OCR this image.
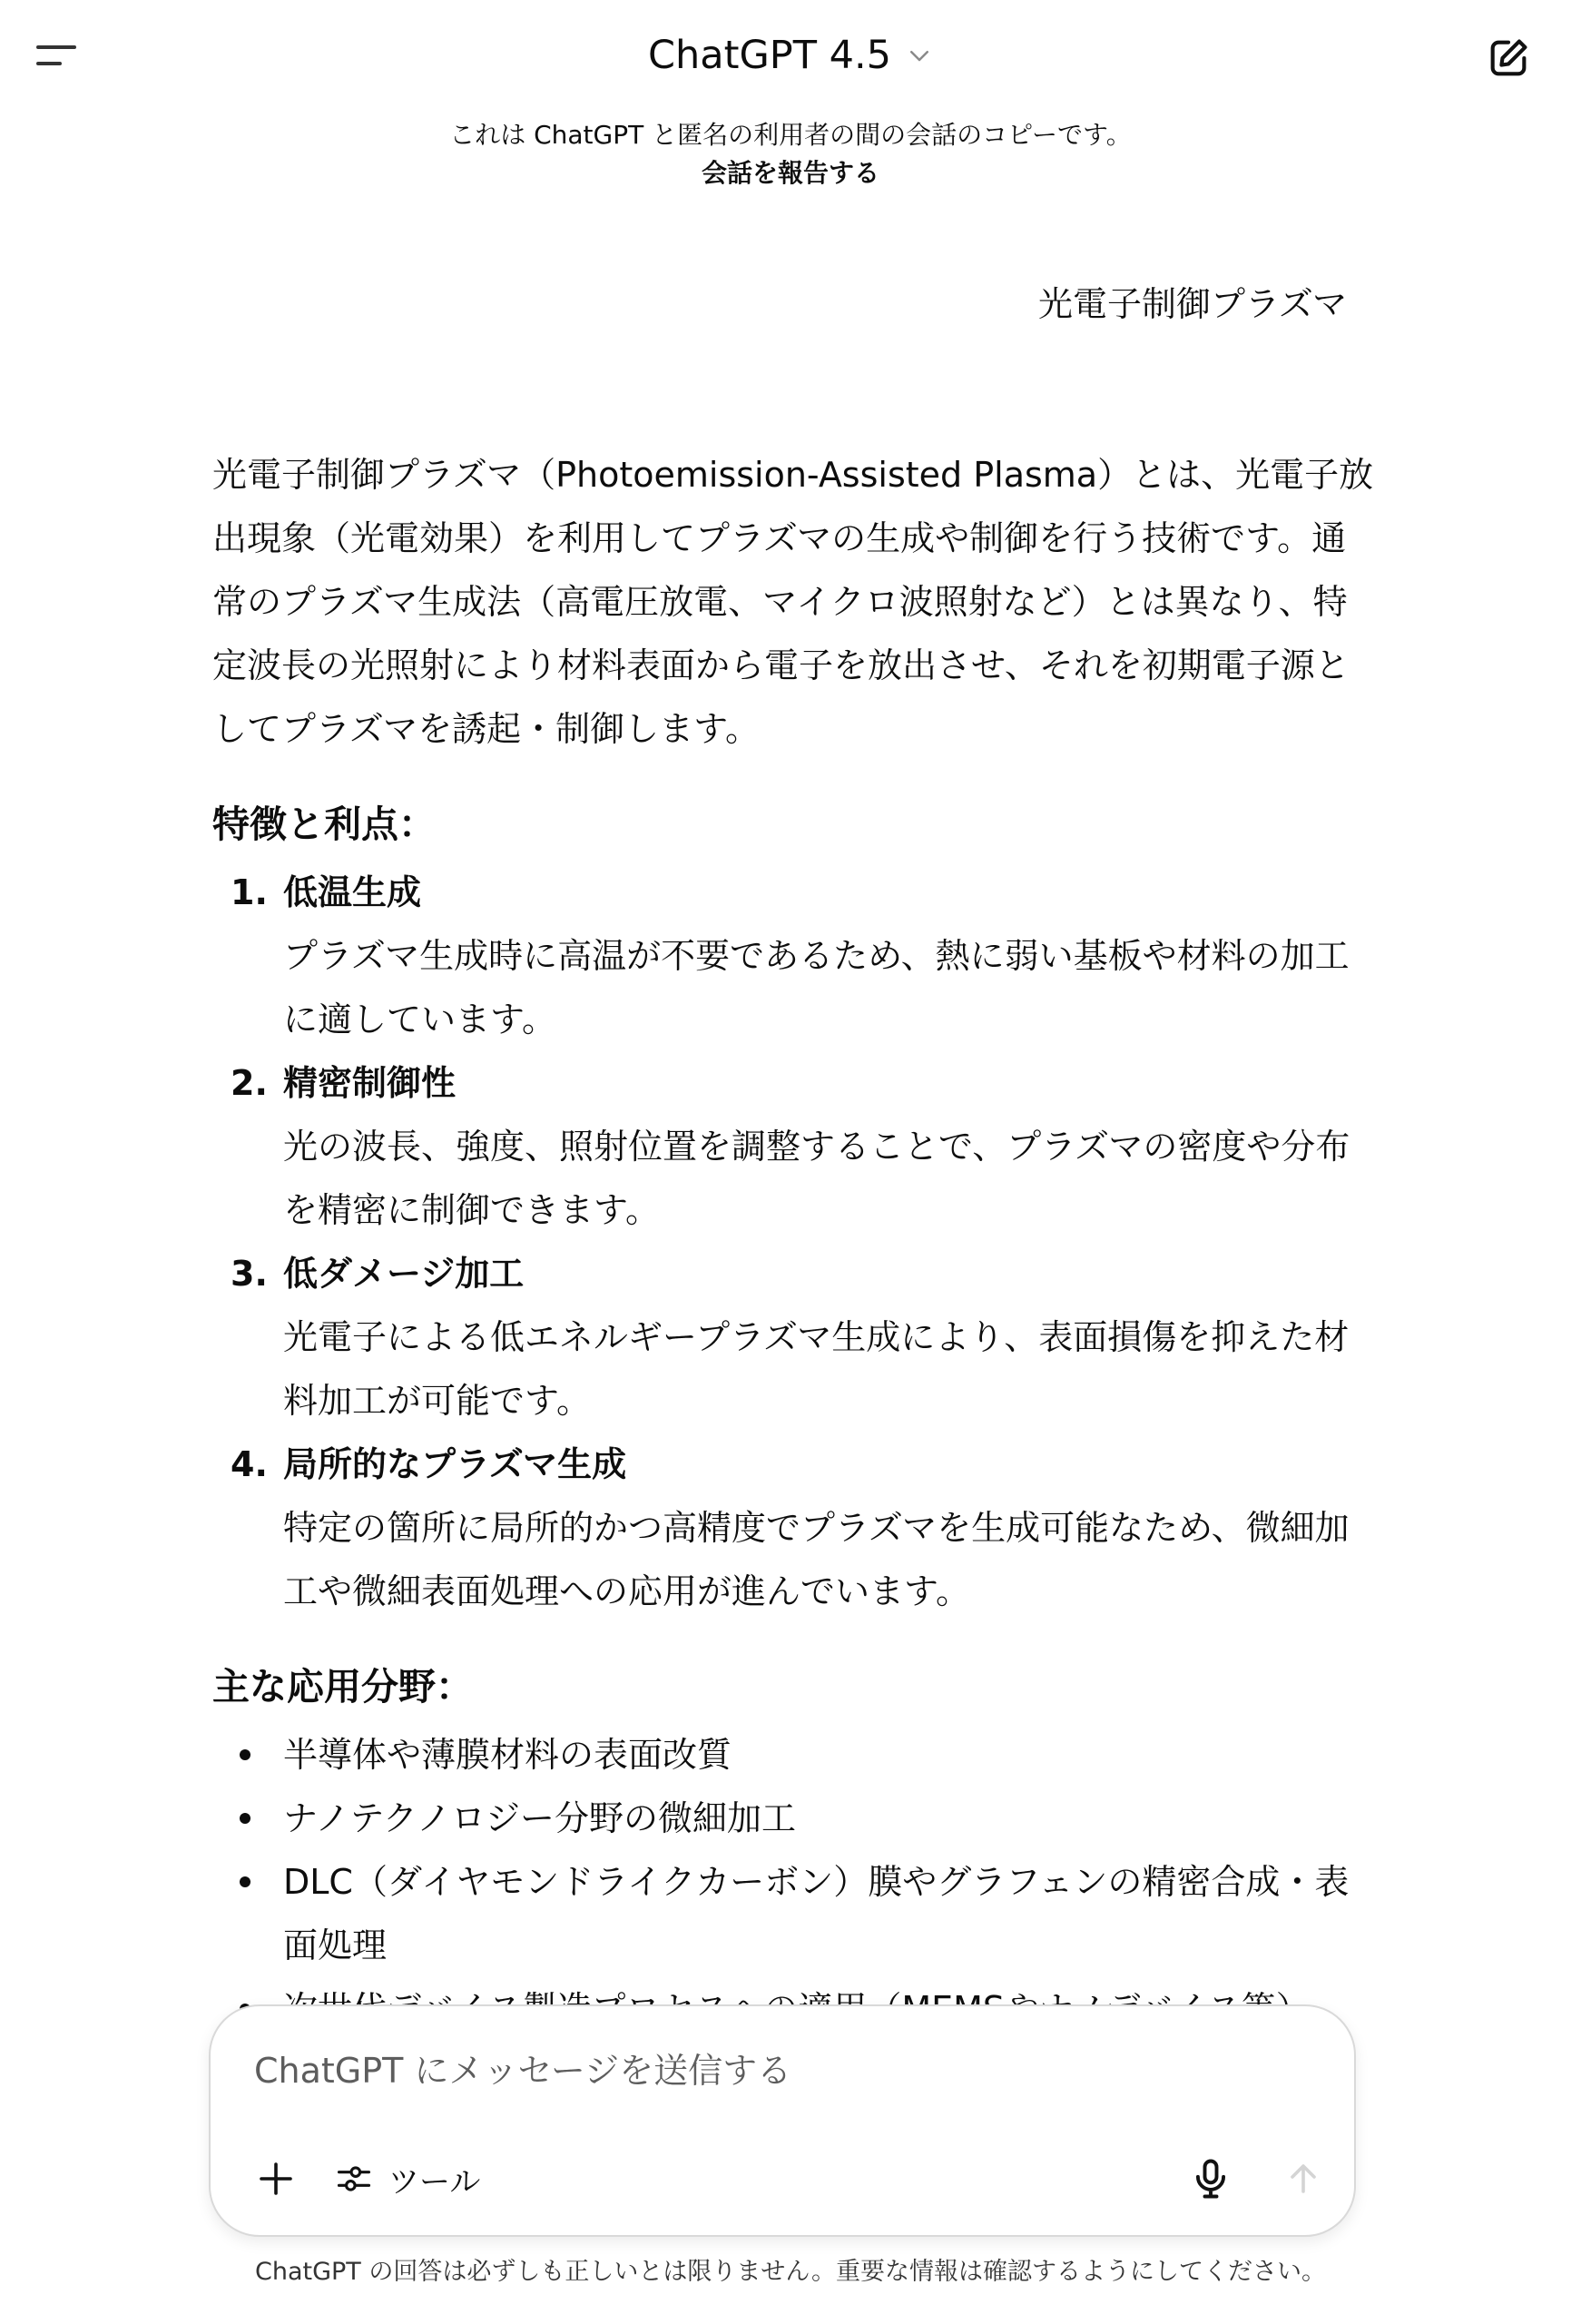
ChatGPT 4.5
これは ChatGPT と匿名の利用者の間の会話のコピーです。
会話を報告する
光電子制御プラズマ

光電子制御プラズマ（Photoemission-Assisted Plasma）とは、光電子放出現象（光電効果）を利用してプラズマの生成や制御を行う技術です。通常のプラズマ生成法（高電圧放電、マイクロ波照射など）とは異なり、特定波長の光照射により材料表面から電子を放出させ、それを初期電子源としてプラズマを誘起・制御します。

特徴と利点：
1. 低温生成
プラズマ生成時に高温が不要であるため、熱に弱い基板や材料の加工に適しています。
2. 精密制御性
光の波長、強度、照射位置を調整することで、プラズマの密度や分布を精密に制御できます。
3. 低ダメージ加工
光電子による低エネルギープラズマ生成により、表面損傷を抑えた材料加工が可能です。
4. 局所的なプラズマ生成
特定の箇所に局所的かつ高精度でプラズマを生成可能なため、微細加工や微細表面処理への応用が進んでいます。
主な応用分野：
半導体や薄膜材料の表面改質
ナノテクノロジー分野の微細加工
DLC（ダイヤモンドライクカーボン）膜やグラフェンの精密合成・表面処理
ChatGPT にメッセージを送信する
ツール
ChatGPT の回答は必ずしも正しいとは限りません。重要な情報は確認するようにしてください。
